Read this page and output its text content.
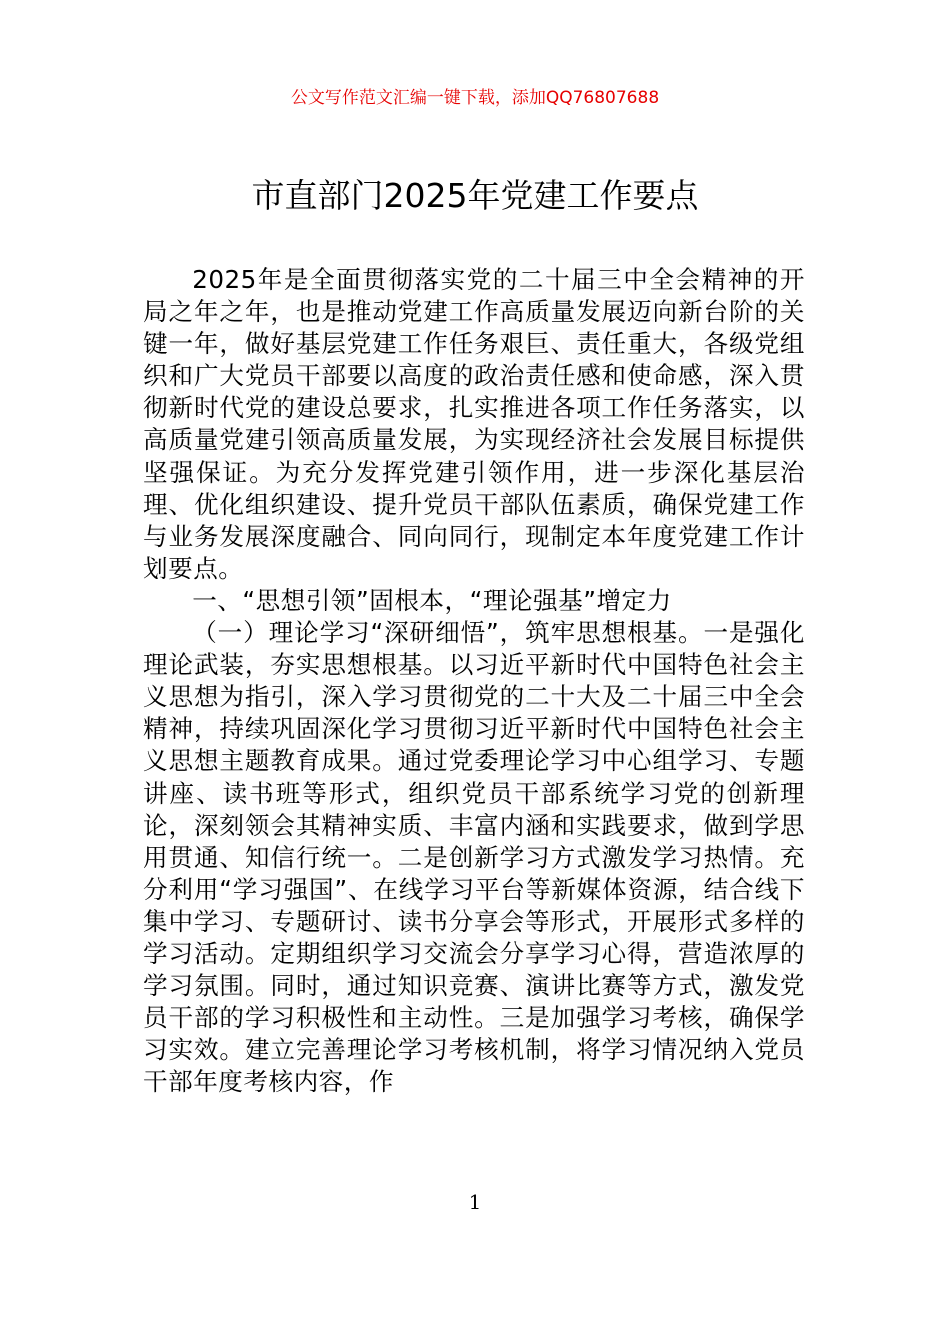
公文写作范文汇编一键下载，添加QQ76807688
市直部门2025年党建工作要点

2025年是全面贯彻落实党的二十届三中全会精神的开局之年之年，也是推动党建工作高质量发展迈向新台阶的关键一年，做好基层党建工作任务艰巨、责任重大，各级党组织和广大党员干部要以高度的政治责任感和使命感，深入贯彻新时代党的建设总要求，扎实推进各项工作任务落实，以高质量党建引领高质量发展，为实现经济社会发展目标提供坚强保证。为充分发挥党建引领作用，进一步深化基层治理、优化组织建设、提升党员干部队伍素质，确保党建工作与业务发展深度融合、同向同行，现制定本年度党建工作计划要点。

一、“思想引领”固根本，“理论强基”增定力

（一）理论学习“深研细悟”，筑牢思想根基。一是强化理论武装，夯实思想根基。以习近平新时代中国特色社会主义思想为指引，深入学习贯彻党的二十大及二十届三中全会精神，持续巩固深化学习贯彻习近平新时代中国特色社会主义思想主题教育成果。通过党委理论学习中心组学习、专题讲座、读书班等形式，组织党员干部系统学习党的创新理论，深刻领会其精神实质、丰富内涵和实践要求，做到学思用贯通、知信行统一。二是创新学习方式激发学习热情。充分利用“学习强国”、在线学习平台等新媒体资源，结合线下集中学习、专题研讨、读书分享会等形式，开展形式多样的学习活动。定期组织学习交流会分享学习心得，营造浓厚的学习氛围。同时，通过知识竞赛、演讲比赛等方式，激发党员干部的学习积极性和主动性。三是加强学习考核，确保学习实效。建立完善理论学习考核机制，将学习情况纳入党员干部年度考核内容，作

1
